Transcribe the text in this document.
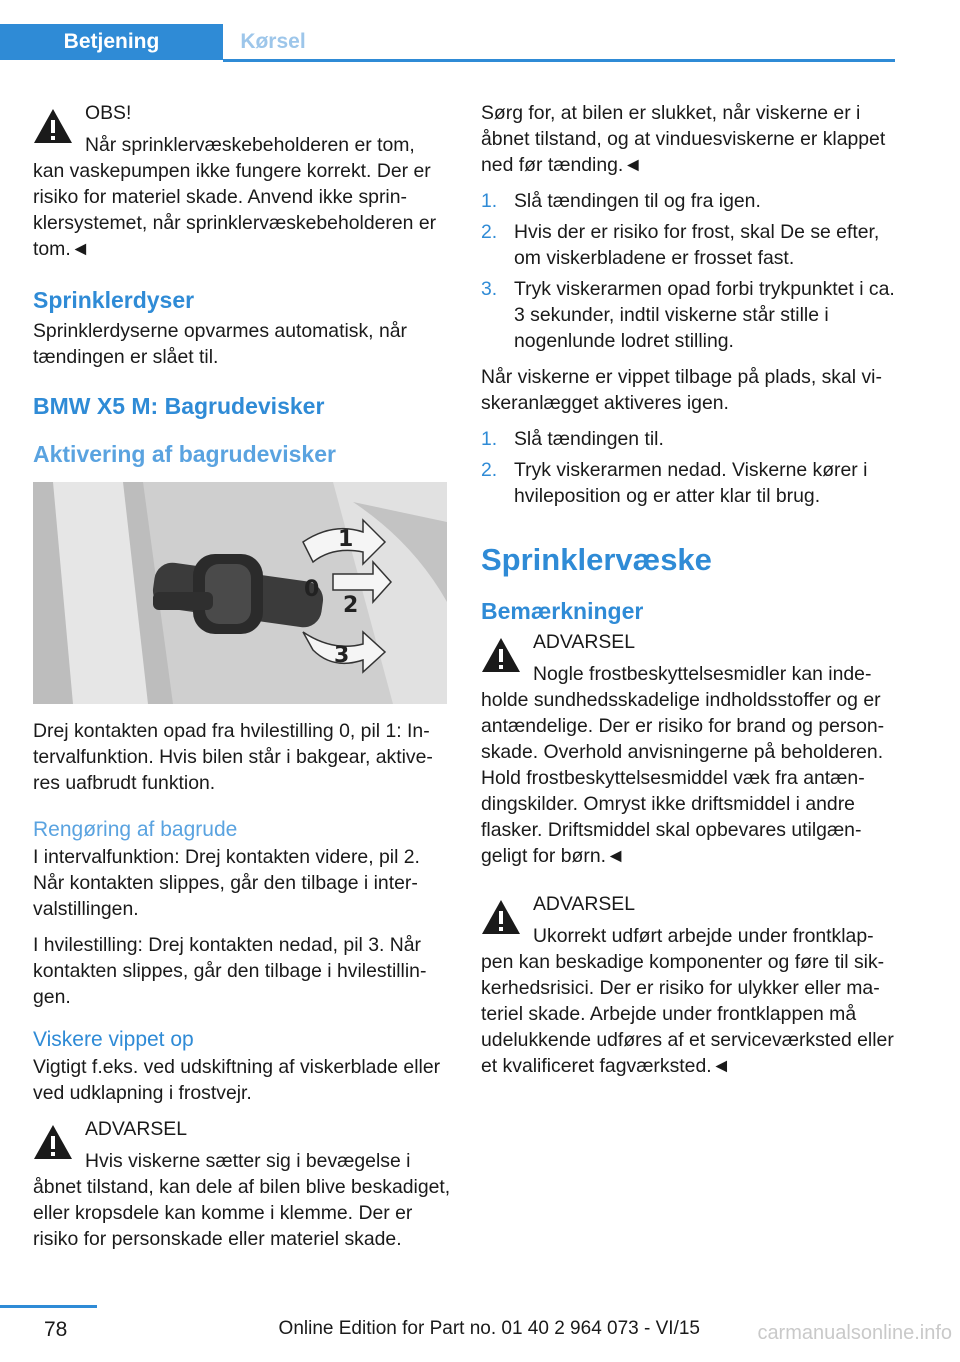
Betjening	Kørsel
OBS!

Når sprinklervæskebeholderen er tom, kan vaskepumpen ikke fungere korrekt. Der er risiko for materiel skade. Anvend ikke sprinklersystemet, når sprinklervæskebeholderen er tom.◄

Sprinklerdyser

Sprinklerdyserne opvarmes automatisk, når tændingen er slået til.

BMW X5 M: Bagrudevisker
Aktivering af bagrudevisker
1
0
2
3

Drej kontakten opad fra hvilestilling 0, pil 1: Intervalfunktion. Hvis bilen står i bakgear, aktiveres uafbrudt funktion.

Rengøring af bagrude

I intervalfunktion: Drej kontakten videre, pil 2. Når kontakten slippes, går den tilbage i intervalstillingen.

I hvilestilling: Drej kontakten nedad, pil 3. Når kontakten slippes, går den tilbage i hvilestillingen.

Viskere vippet op

Vigtigt f.eks. ved udskiftning af viskerblade eller ved udklapning i frostvejr.

ADVARSEL

Hvis viskerne sætter sig i bevægelse i åbnet tilstand, kan dele af bilen blive beskadiget, eller kropsdele kan komme i klemme. Der er risiko for personskade eller materiel skade.

Sørg for, at bilen er slukket, når viskerne er i åbnet tilstand, og at vinduesviskerne er klappet ned før tænding.◄

1. Slå tændingen til og fra igen.
2. Hvis der er risiko for frost, skal De se efter, om viskerbladene er frosset fast.
3. Tryk viskerarmen opad forbi trykpunktet i ca. 3 sekunder, indtil viskerne står stille i nogenlunde lodret stilling.

Når viskerne er vippet tilbage på plads, skal viskeranlægget aktiveres igen.

1. Slå tændingen til.
2. Tryk viskerarmen nedad. Viskerne kører i hvileposition og er atter klar til brug.
Sprinklervæske
Bemærkninger
ADVARSEL

Nogle frostbeskyttelsesmidler kan indeholde sundhedsskadelige indholdsstoffer og er antændelige. Der er risiko for brand og personskade. Overhold anvisningerne på beholderen. Hold frostbeskyttelsesmiddel væk fra antændingskilder. Omryst ikke driftsmiddel i andre flasker. Driftsmiddel skal opbevares utilgængeligt for børn.◄

ADVARSEL

Ukorrekt udført arbejde under frontklappen kan beskadige komponenter og føre til sikkerhedsrisici. Der er risiko for ulykker eller materiel skade. Arbejde under frontklappen må udelukkende udføres af et serviceværksted eller et kvalificeret fagværksted.◄

78	Online Edition for Part no. 01 40 2 964 073 - VI/15	carmanualsonline.info
